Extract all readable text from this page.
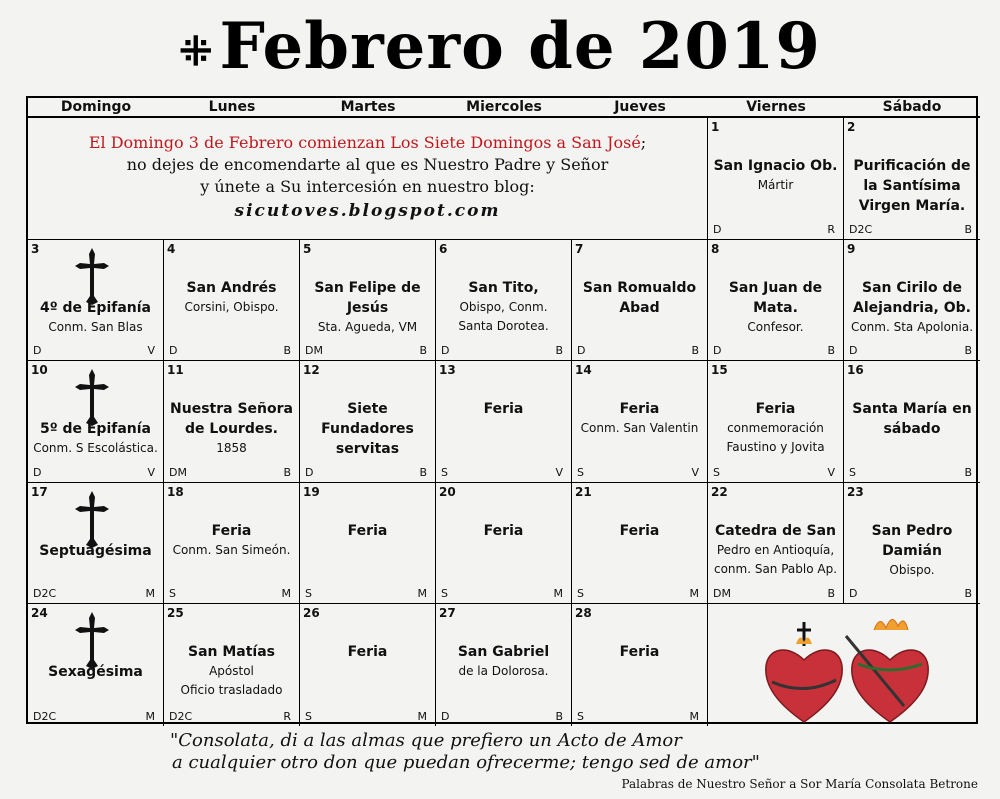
⁜Febrero de 2019
Domingo	Lunes	Martes	Miercoles	Jueves	Viernes	Sábado
El Domingo 3 de Febrero comienzan Los Siete Domingos a San José;
no dejes de encomendarte al que es Nuestro Padre y Señor
y únete a Su intercesión en nuestro blog:
sicutoves.blogspot.com
1
San Ignacio Ob.
Mártir
D	R
2
Purificación de la Santísima Virgen María.
D2C	B
3
4º de Epifanía
Conm. San Blas
D	V
4
San Andrés
Corsini, Obispo.
D	B
5
San Felipe de Jesús
Sta. Agueda, VM
DM	B
6
San Tito,
Obispo, Conm.
Santa Dorotea.
D	B
7
San Romualdo Abad
D	B
8
San Juan de Mata.
Confesor.
D	B
9
San Cirilo de Alejandria, Ob.
Conm. Sta Apolonia.
D	B
10
5º de Epifanía
Conm. S Escolástica.
D	V
11
Nuestra Señora de Lourdes.
1858
DM	B
12
Siete Fundadores servitas
D	B
13
Feria
S	V
14
Feria
Conm. San Valentin
S	V
15
Feria
conmemoración
Faustino y Jovita
S	V
16
Santa María en sábado
S	B
17
Septuagésima
D2C	M
18
Feria
Conm. San Simeón.
S	M
19
Feria
S	M
20
Feria
S	M
21
Feria
S	M
22
Catedra de San
Pedro en Antioquía,
conm. San Pablo Ap.
DM	B
23
San Pedro Damián
Obispo.
D	B
24
Sexagésima
D2C	M
25
San Matías
Apóstol
Oficio trasladado
D2C	R
26
Feria
S	M
27
San Gabriel
de la Dolorosa.
D	B
28
Feria
S	M
"Consolata, di a las almas que prefiero un Acto de Amor
a cualquier otro don que puedan ofrecerme; tengo sed de amor"
Palabras de Nuestro Señor a Sor María Consolata Betrone
